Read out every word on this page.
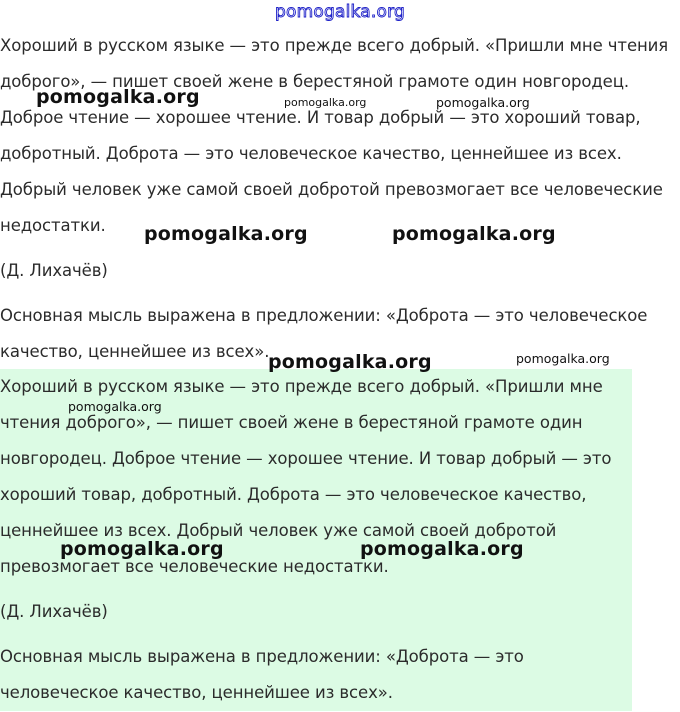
pomogalka.org

Хороший в русском языке — это прежде всего добрый. «Пришли мне чтения доброго», — пишет своей жене в берестяной грамоте один новгородец. Доброе чтение — хорошее чтение. И товар добрый — это хороший товар, добротный. Доброта — это человеческое качество, ценнейшее из всех. Добрый человек уже самой своей добротой превозмогает все человеческие недостатки.

(Д. Лихачёв)

Основная мысль выражена в предложении: «Доброта — это человеческое качество, ценнейшее из всех».

Хороший в русском языке — это прежде всего добрый. «Пришли мне чтения доброго», — пишет своей жене в берестяной грамоте один новгородец. Доброе чтение — хорошее чтение. И товар добрый — это хороший товар, добротный. Доброта — это человеческое качество, ценнейшее из всех. Добрый человек уже самой своей добротой превозмогает все человеческие недостатки.

(Д. Лихачёв)

Основная мысль выражена в предложении: «Доброта — это человеческое качество, ценнейшее из всех».

pomogalka.org	pomogalka.org	pomogalka.org
pomogalka.org	pomogalka.org
pomogalka.org	pomogalka.org
pomogalka.org
pomogalka.org	pomogalka.org
